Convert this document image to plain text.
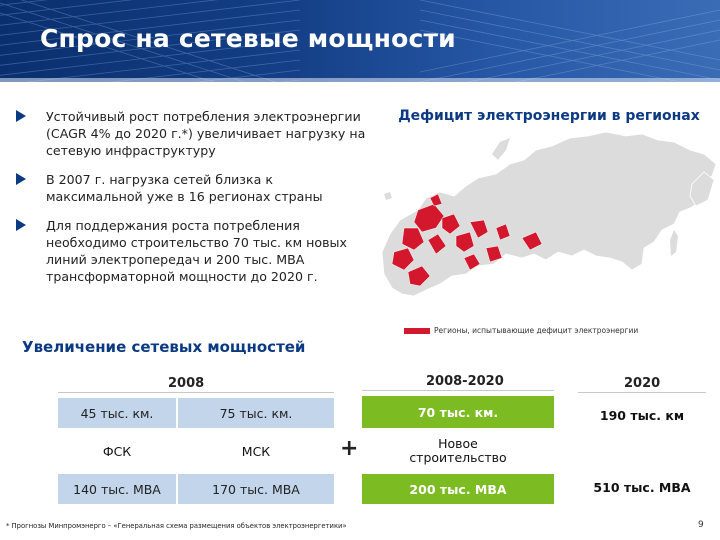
Спрос на сетевые мощности
Устойчивый рост потребления электроэнергии (CAGR 4% до 2020 г.*) увеличивает нагрузку на сетевую инфраструктуру
В 2007 г. нагрузка сетей близка к максимальной уже в 16 регионах страны
Для поддержания роста потребления необходимо строительство 70 тыс. км новых линий электропередач и 200 тыс. МВА трансформаторной мощности до 2020 г.
Дефицит электроэнергии в регионах
Регионы, испытывающие дефицит электроэнергии
Увеличение сетевых мощностей
2008	2008-2020	2020
45 тыс. км.	75 тыс. км.	70 тыс. км.	190 тыс. км
ФСК	МСК	+	Новое строительство
140 тыс. МВА	170 тыс. МВА	200 тыс. МВА	510 тыс. МВА
* Прогнозы Минпромэнерго – «Генеральная схема размещения объектов электроэнергетики»	9
